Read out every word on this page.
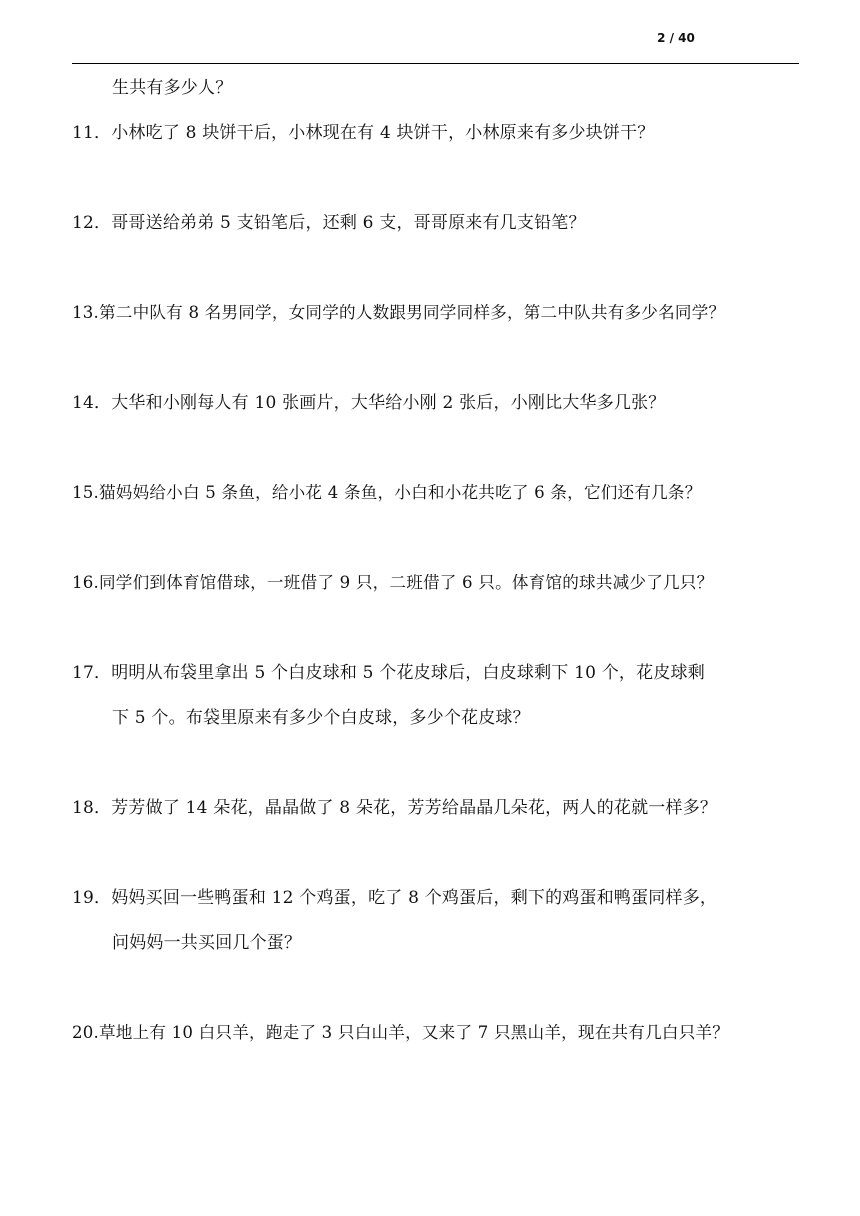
2 / 40
生共有多少人？
11．小林吃了 8 块饼干后，小林现在有 4 块饼干，小林原来有多少块饼干？
12．哥哥送给弟弟 5 支铅笔后，还剩 6 支，哥哥原来有几支铅笔？
13.第二中队有 8 名男同学，女同学的人数跟男同学同样多，第二中队共有多少名同学？
14．大华和小刚每人有 10 张画片，大华给小刚 2 张后，小刚比大华多几张？
15.猫妈妈给小白 5 条鱼，给小花 4 条鱼，小白和小花共吃了 6 条，它们还有几条？
16.同学们到体育馆借球，一班借了 9 只，二班借了 6 只。体育馆的球共减少了几只？
17．明明从布袋里拿出 5 个白皮球和 5 个花皮球后，白皮球剩下 10 个，花皮球剩
下 5 个。布袋里原来有多少个白皮球，多少个花皮球？
18．芳芳做了 14 朵花，晶晶做了 8 朵花，芳芳给晶晶几朵花，两人的花就一样多？
19．妈妈买回一些鸭蛋和 12 个鸡蛋，吃了 8 个鸡蛋后，剩下的鸡蛋和鸭蛋同样多，
问妈妈一共买回几个蛋？
20.草地上有 10 白只羊，跑走了 3 只白山羊，又来了 7 只黑山羊，现在共有几白只羊？
